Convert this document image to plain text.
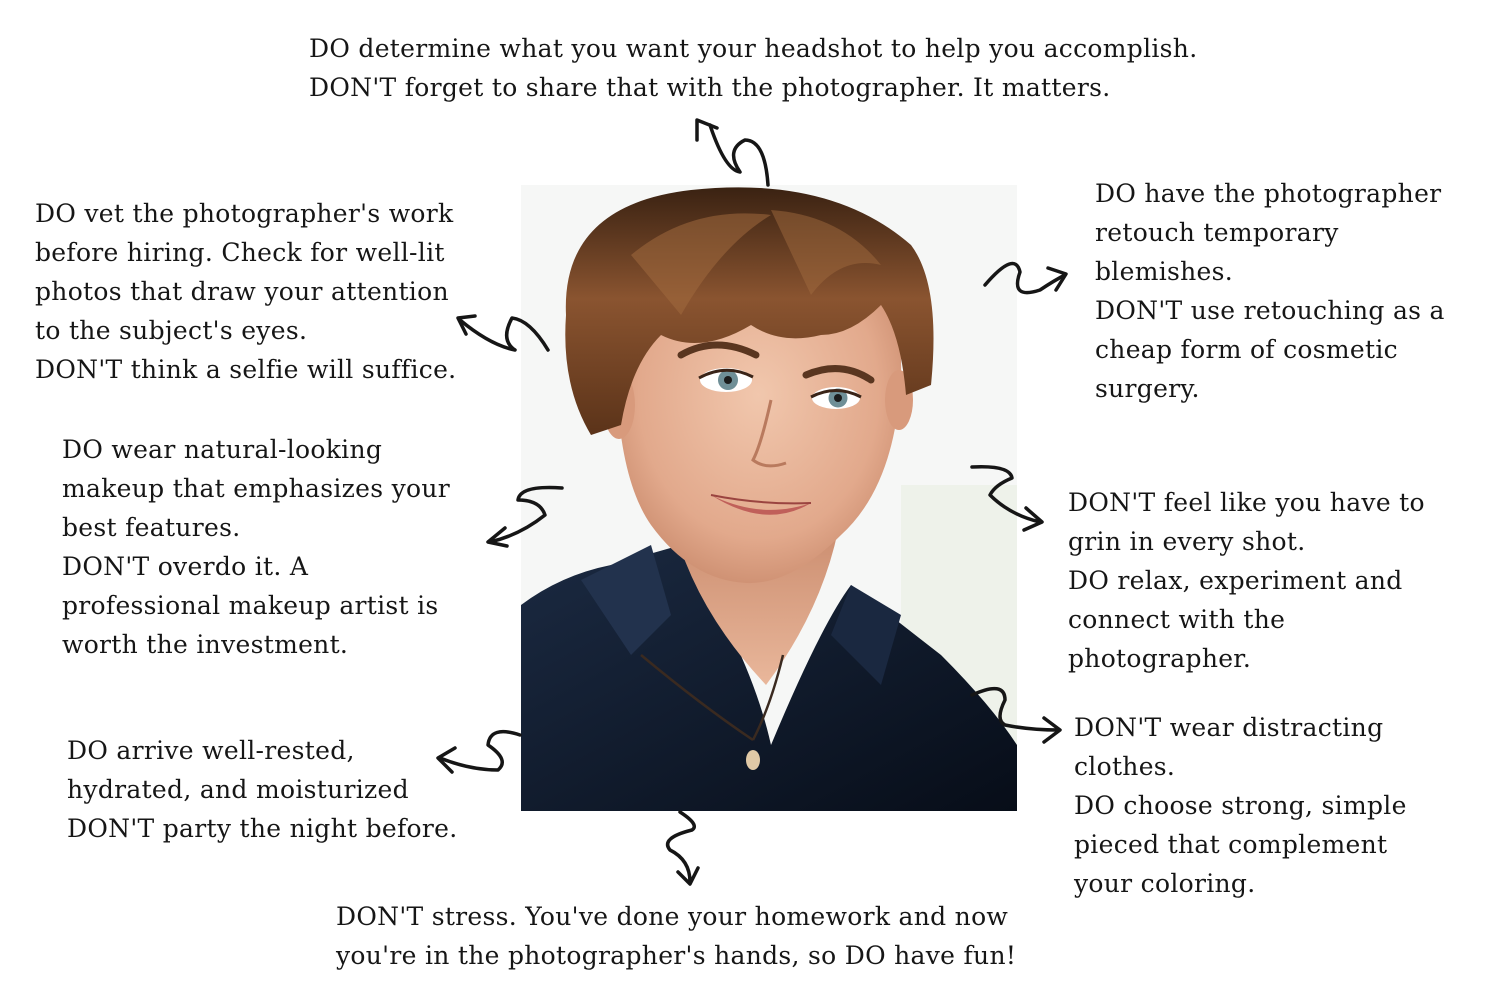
DO determine what you want your headshot to help you accomplish.
DON'T forget to share that with the photographer. It matters.
DO vet the photographer's work
before hiring. Check for well-lit
photos that draw your attention
to the subject's eyes.
DON'T think a selfie will suffice.
DO wear natural-looking
makeup that emphasizes your
best features.
DON'T overdo it. A
professional makeup artist is
worth the investment.
DO arrive well-rested,
hydrated, and moisturized
DON'T party the night before.
DON'T stress. You've done your homework and now
you're in the photographer's hands, so DO have fun!
DO have the photographer
retouch temporary
blemishes.
DON'T use retouching as a
cheap form of cosmetic
surgery.
DON'T feel like you have to
grin in every shot.
DO relax, experiment and
connect with the
photographer.
DON'T wear distracting
clothes.
DO choose strong, simple
pieced that complement
your coloring.
